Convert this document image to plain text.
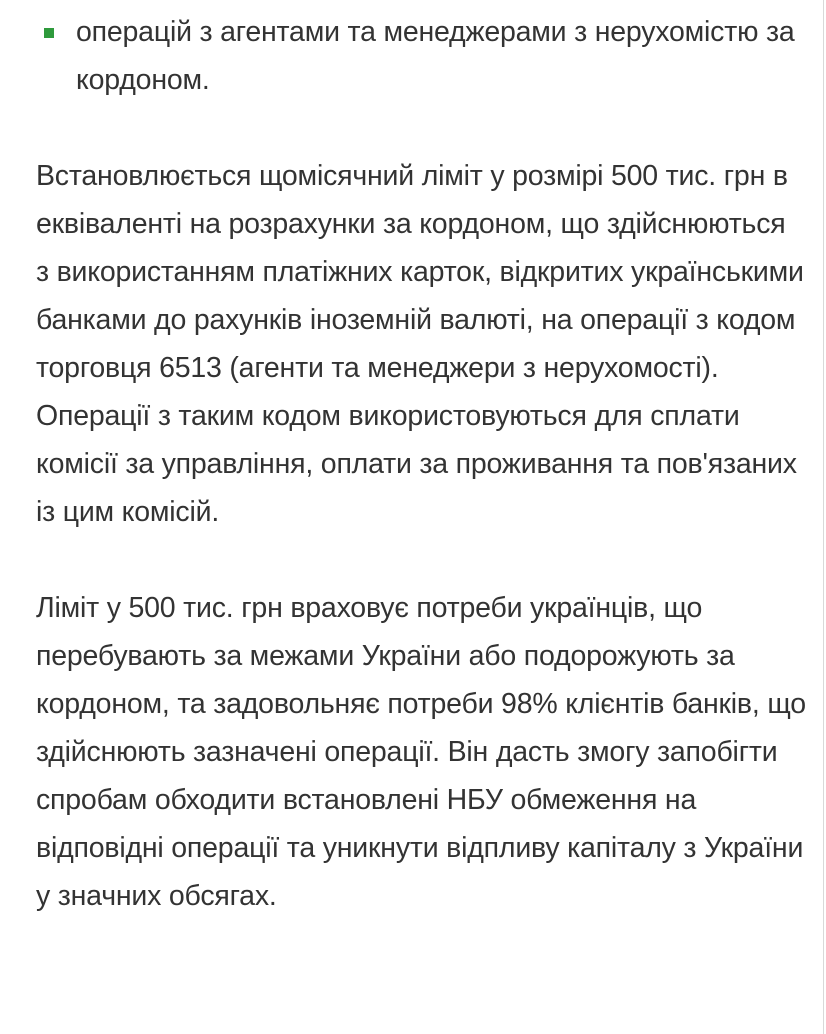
операцій з агентами та менеджерами з нерухомістю за кордоном.

Встановлюється щомісячний ліміт у розмірі 500 тис. грн в еквіваленті на розрахунки за кордоном, що здійснюються з використанням платіжних карток, відкритих українськими банками до рахунків іноземній валюті, на операції з кодом торговця 6513 (агенти та менеджери з нерухомості). Операції з таким кодом використовуються для сплати комісії за управління, оплати за проживання та пов'язаних із цим комісій.

Ліміт у 500 тис. грн враховує потреби українців, що перебувають за межами України або подорожують за кордоном, та задовольняє потреби 98% клієнтів банків, що здійснюють зазначені операції. Він дасть змогу запобігти спробам обходити встановлені НБУ обмеження на відповідні операції та уникнути відпливу капіталу з України у значних обсягах.
